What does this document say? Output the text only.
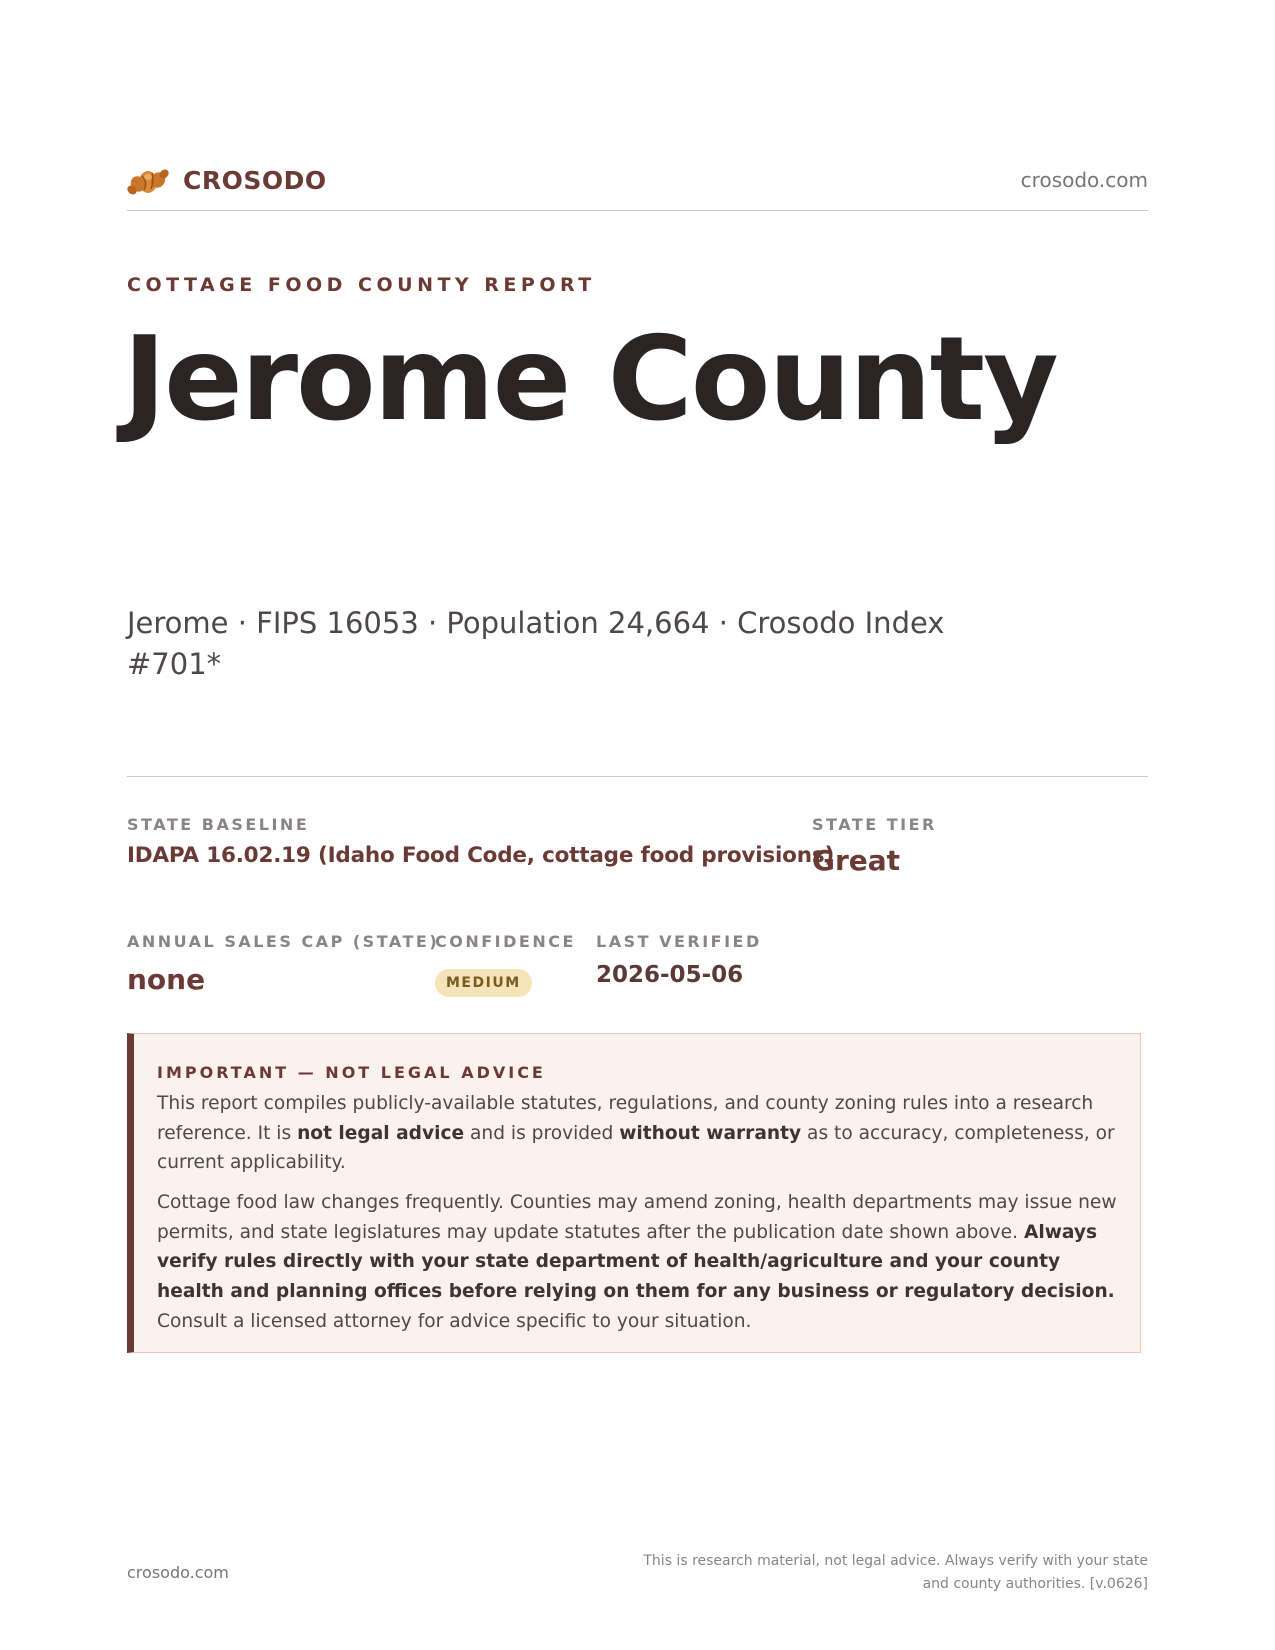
CROSODO	crosodo.com
COTTAGE FOOD COUNTY REPORT
Jerome County
Jerome · FIPS 16053 · Population 24,664 · Crosodo Index #701*
STATE BASELINE
IDAPA 16.02.19 (Idaho Food Code, cottage food provisions)
STATE TIER
Great
ANNUAL SALES CAP (STATE)
none
CONFIDENCE
MEDIUM
LAST VERIFIED
2026-05-06
IMPORTANT — NOT LEGAL ADVICE

This report compiles publicly-available statutes, regulations, and county zoning rules into a research reference. It is not legal advice and is provided without warranty as to accuracy, completeness, or current applicability.

Cottage food law changes frequently. Counties may amend zoning, health departments may issue new permits, and state legislatures may update statutes after the publication date shown above. Always verify rules directly with your state department of health/agriculture and your county health and planning offices before relying on them for any business or regulatory decision. Consult a licensed attorney for advice specific to your situation.

crosodo.com
This is research material, not legal advice. Always verify with your state
and county authorities. [v.0626]
